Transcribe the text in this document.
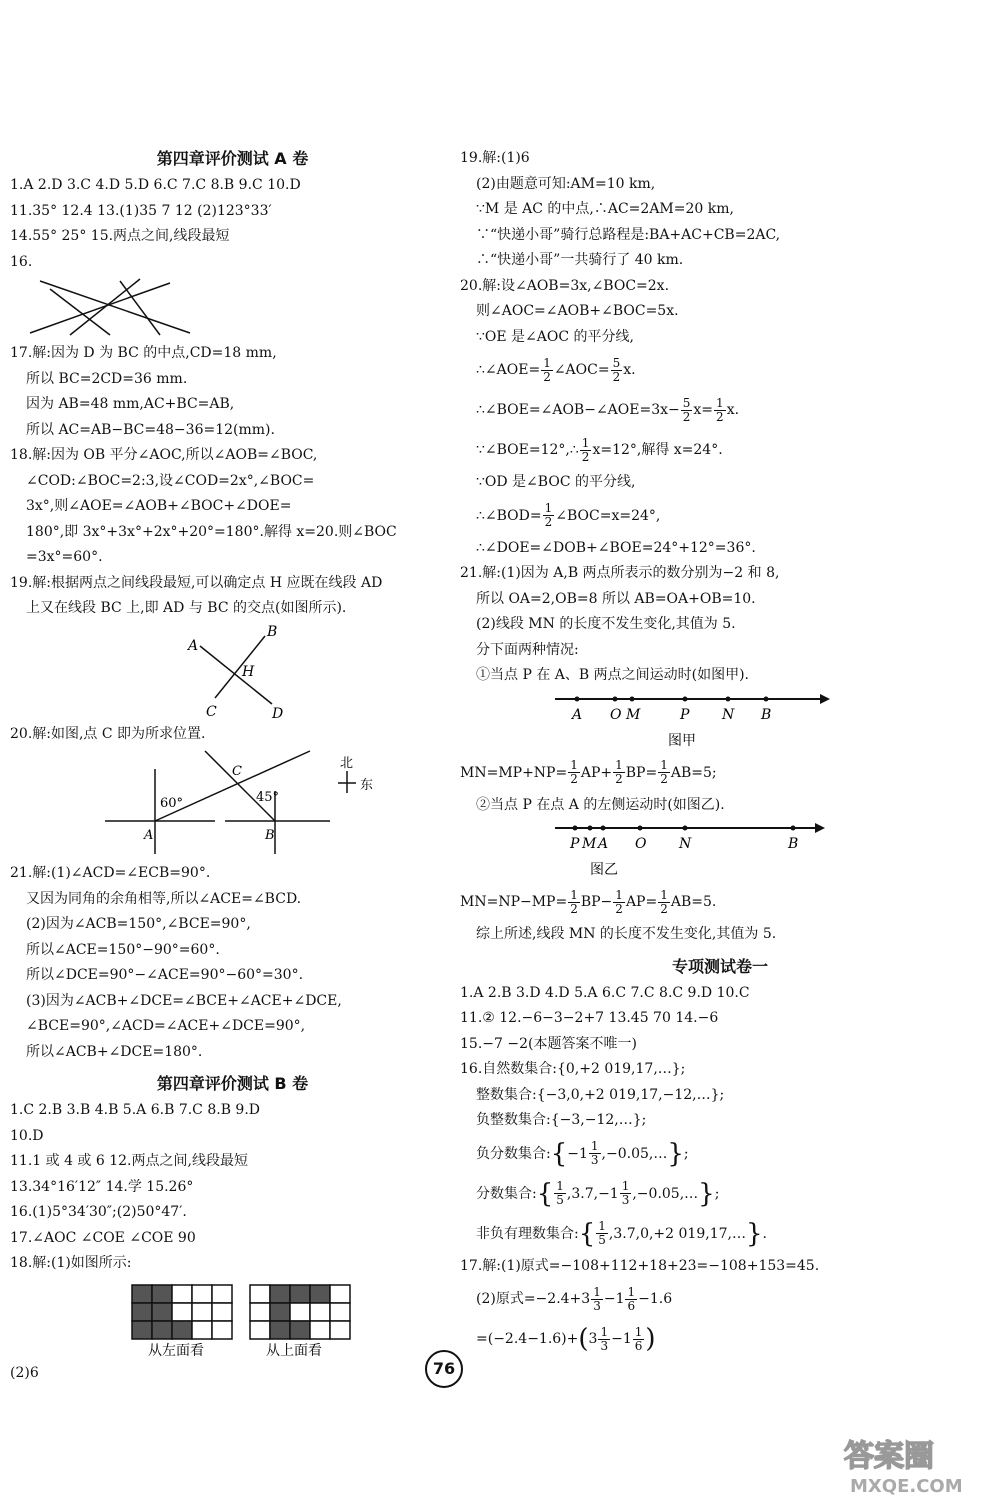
第四章评价测试 A 卷
1.A 2.D 3.C 4.D 5.D 6.C 7.C 8.B 9.C 10.D
11.35° 12.4 13.(1)35 7 12 (2)123°33′
14.55° 25° 15.两点之间,线段最短
16.
17.解:因为 D 为 BC 的中点,CD=18 mm,
所以 BC=2CD=36 mm.
因为 AB=48 mm,AC+BC=AB,
所以 AC=AB−BC=48−36=12(mm).
18.解:因为 OB 平分∠AOC,所以∠AOB=∠BOC,
∠COD:∠BOC=2:3,设∠COD=2x°,∠BOC=
3x°,则∠AOE=∠AOB+∠BOC+∠DOE=
180°,即 3x°+3x°+2x°+20°=180°.解得 x=20.则∠BOC
=3x°=60°.
19.解:根据两点之间线段最短,可以确定点 H 应既在线段 AD
上又在线段 BC 上,即 AD 与 BC 的交点(如图所示).
A
B
H
C	D
20.解:如图,点 C 即为所求位置.
C
A	B
60°	45°
北
东
21.解:(1)∠ACD=∠ECB=90°.
又因为同角的余角相等,所以∠ACE=∠BCD.
(2)因为∠ACB=150°,∠BCE=90°,
所以∠ACE=150°−90°=60°.
所以∠DCE=90°−∠ACE=90°−60°=30°.
(3)因为∠ACB+∠DCE=∠BCE+∠ACE+∠DCE,
∠BCE=90°,∠ACD=∠ACE+∠DCE=90°,
所以∠ACB+∠DCE=180°.
第四章评价测试 B 卷
1.C 2.B 3.B 4.B 5.A 6.B 7.C 8.B 9.D
10.D
11.1 或 4 或 6 12.两点之间,线段最短
13.34°16′12″ 14.学 15.26°
16.(1)5°34′30″;(2)50°47′.
17.∠AOC ∠COE ∠COE 90
18.解:(1)如图所示:
从左面看	从上面看
(2)6
19.解:(1)6
(2)由题意可知:AM=10 km,
∵M 是 AC 的中点,∴AC=2AM=20 km,
∵“快递小哥”骑行总路程是:BA+AC+CB=2AC,
∴“快递小哥”一共骑行了 40 km.
20.解:设∠AOB=3x,∠BOC=2x.
则∠AOC=∠AOB+∠BOC=5x.
∵OE 是∠AOC 的平分线,
∴∠AOE= $\frac{1}{2}$ ∠AOC= $\frac{5}{2} x$.
∴∠BOE=∠AOB−∠AOE=3x− $\frac{5}{2} x= \frac{1}{2} x$.
∵∠BOE=12°,∴ $\frac{1}{2} x=12^\circ$,解得 x=24°.
∵OD 是∠BOC 的平分线,
∴∠BOD= $\frac{1}{2}$ ∠BOC=x=24°,
∴∠DOE=∠DOB+∠BOE=24°+12°=36°.
21.解:(1)因为 A,B 两点所表示的数分别为−2 和 8,
所以 OA=2,OB=8 所以 AB=OA+OB=10.
(2)线段 MN 的长度不发生变化,其值为 5.
分下面两种情况:
①当点 P 在 A、B 两点之间运动时(如图甲).
A O M	P N B
图甲
$MN=MP+NP= \frac{1}{2} AP+ \frac{1}{2} BP= \frac{1}{2} AB=5$;
②当点 P 在点 A 的左侧运动时(如图乙).
P M A O N	B
图乙
$MN=NP-MP= \frac{1}{2} BP- \frac{1}{2} AP= \frac{1}{2} AB=5$.
综上所述,线段 MN 的长度不发生变化,其值为 5.
专项测试卷一
1.A 2.B 3.D 4.D 5.A 6.C 7.C 8.C 9.D 10.C
11.② 12.−6−3−2+7 13.45 70 14.−6
15.−7 −2(本题答案不唯一)
16.自然数集合:{0,+2 019,17,…};
整数集合:{−3,0,+2 019,17,−12,…};
负整数集合:{−3,−12,…};
负分数集合:{−1 $\frac{1}{3}$ ,−0.05,…};
分数集合:{ $\frac{1}{5} ,3.7,-1 \frac{1}{3}$ ,−0.05,…};
非负有理数集合:{ $\frac{1}{5} ,3.7,0,+2$ 019,17,…}.
17.解:(1)原式=−108+112+18+23=−108+153=45.
(2)原式$=-2.4+3 \frac{1}{3} -1 \frac{1}{6} -1.6$
$=(-2.4-1.6)+(3 \frac{1}{3} -1 \frac{1}{6}$ )
76
答案圈
MXQE.COM
